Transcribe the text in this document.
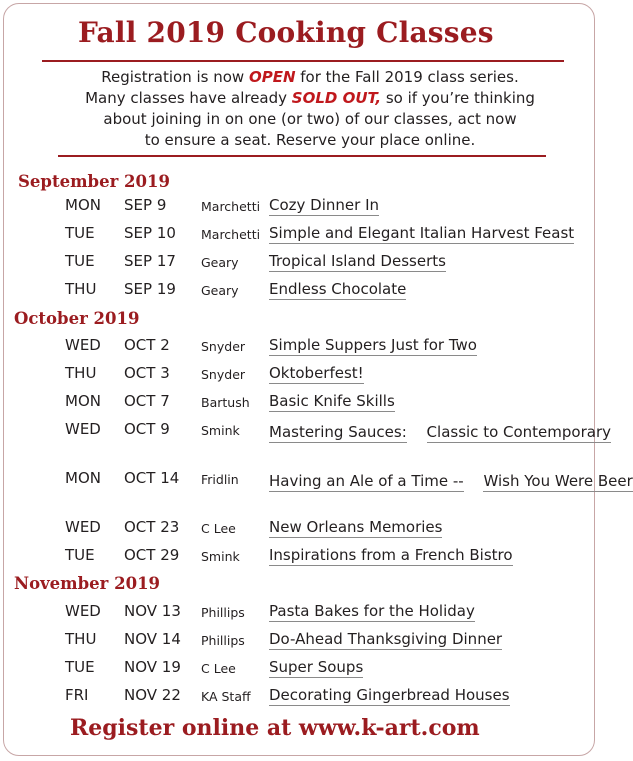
Fall 2019 Cooking Classes
Registration is now OPEN for the Fall 2019 class series.
Many classes have already SOLD OUT, so if you’re thinking
about joining in on one (or two) of our classes, act now
to ensure a seat. Reserve your place online.
September 2019
MON SEP 9	Marchetti Cozy Dinner In
TUE SEP 10 Marchetti Simple and Elegant Italian Harvest Feast
TUE SEP 17 Geary Tropical Island Desserts
THU SEP 19 Geary Endless Chocolate
October 2019
WED OCT 2 Snyder Simple Suppers Just for Two
THU OCT 3 Snyder Oktoberfest!
MON OCT 7 Bartush Basic Knife Skills
WED OCT 9 Smink Mastering Sauces: Classic to Contemporary
MON OCT 14 Fridlin Having an Ale of a Time -- Wish You Were Beer
WED OCT 23 C Lee New Orleans Memories
TUE OCT 29 Smink Inspirations from a French Bistro
November 2019
WED NOV 13 Phillips Pasta Bakes for the Holiday
THU NOV 14 Phillips Do-Ahead Thanksgiving Dinner
TUE NOV 19 C Lee Super Soups
FRI NOV 22 KA Staff Decorating Gingerbread Houses
Register online at www.k-art.com
